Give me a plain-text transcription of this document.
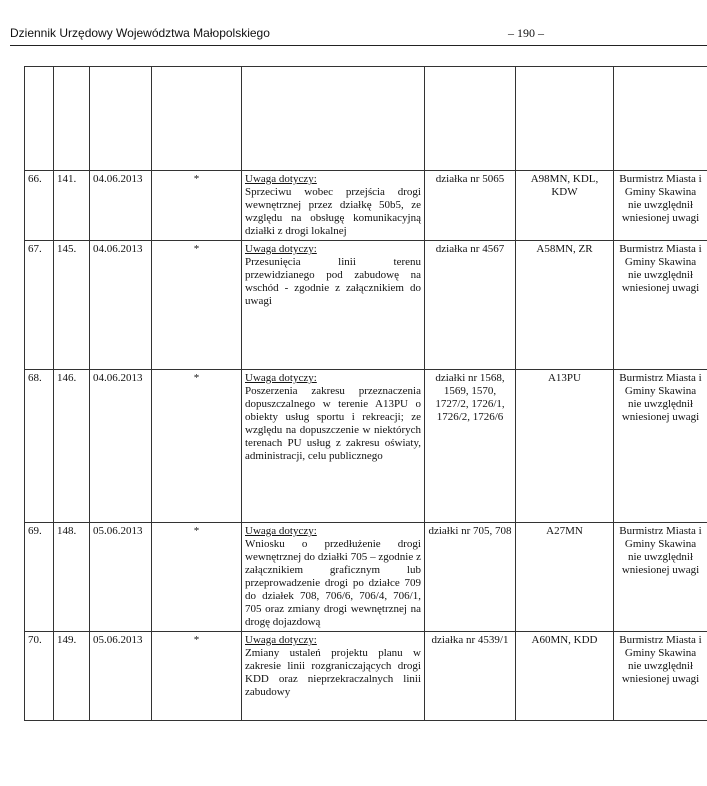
Dziennik Urzędowy Województwa Małopolskiego	– 190 –

66.	141.	04.06.2013	*	Uwaga dotyczy:
Sprzeciwu wobec przejścia drogi wewnętrznej przez działkę 50b5, ze względu na obsługę komunikacyjną działki z drogi lokalnej	działka nr 5065	A98MN, KDL, KDW	Burmistrz Miasta i Gminy Skawina nie uwzględnił wniesionej uwagi
67.	145.	04.06.2013	*	Uwaga dotyczy:
Przesunięcia linii terenu przewidzianego pod zabudowę na wschód - zgodnie z załącznikiem do uwagi	działka nr 4567	A58MN, ZR	Burmistrz Miasta i Gminy Skawina nie uwzględnił wniesionej uwagi
68.	146.	04.06.2013	*	Uwaga dotyczy:
Poszerzenia zakresu przeznaczenia dopuszczalnego w terenie A13PU o obiekty usług sportu i rekreacji; ze względu na dopuszczenie w niektórych terenach PU usług z zakresu oświaty, administracji, celu publicznego	działki nr 1568, 1569, 1570, 1727/2, 1726/1, 1726/2, 1726/6	A13PU	Burmistrz Miasta i Gminy Skawina nie uwzględnił wniesionej uwagi
69.	148.	05.06.2013	*	Uwaga dotyczy:
Wniosku o przedłużenie drogi wewnętrznej do działki 705 – zgodnie z załącznikiem graficznym lub przeprowadzenie drogi po działce 709 do działek 708, 706/6, 706/4, 706/1, 705 oraz zmiany drogi wewnętrznej na drogę dojazdową	działki nr 705, 708	A27MN	Burmistrz Miasta i Gminy Skawina nie uwzględnił wniesionej uwagi
70.	149.	05.06.2013	*	Uwaga dotyczy:
Zmiany ustaleń projektu planu w zakresie linii rozgraniczających drogi KDD oraz nieprzekraczalnych linii zabudowy	działka nr 4539/1	A60MN, KDD	Burmistrz Miasta i Gminy Skawina nie uwzględnił wniesionej uwagi
